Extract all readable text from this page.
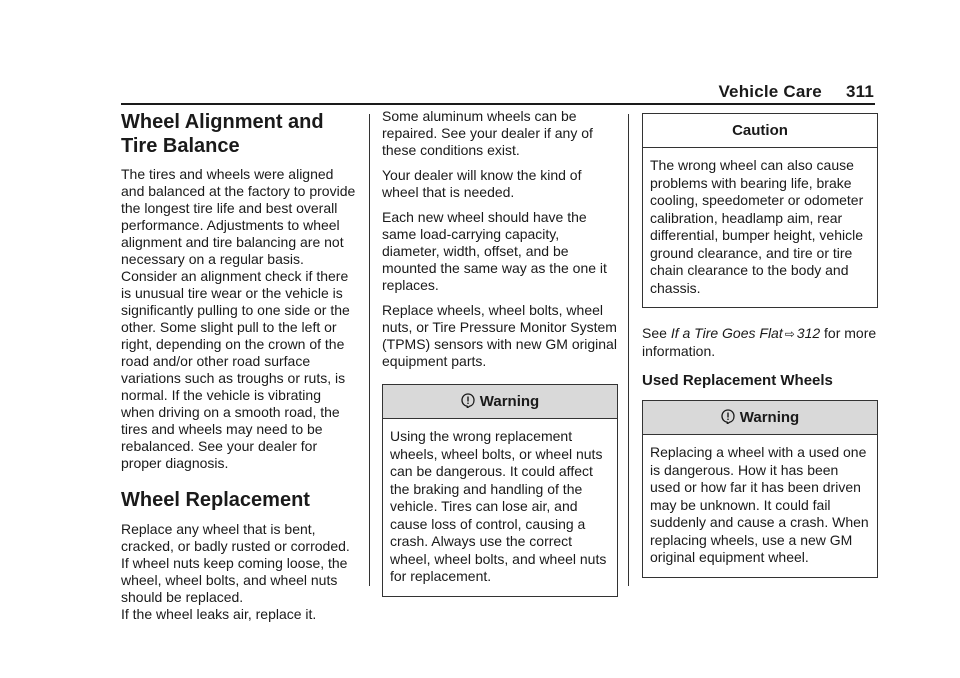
Vehicle Care 311
Wheel Alignment and Tire Balance

The tires and wheels were aligned and balanced at the factory to provide the longest tire life and best overall performance. Adjustments to wheel alignment and tire balancing are not necessary on a regular basis. Consider an alignment check if there is unusual tire wear or the vehicle is significantly pulling to one side or the other. Some slight pull to the left or right, depending on the crown of the road and/or other road surface variations such as troughs or ruts, is normal. If the vehicle is vibrating when driving on a smooth road, the tires and wheels may need to be rebalanced. See your dealer for proper diagnosis.

Wheel Replacement

Replace any wheel that is bent, cracked, or badly rusted or corroded. If wheel nuts keep coming loose, the wheel, wheel bolts, and wheel nuts should be replaced.

If the wheel leaks air, replace it.

Some aluminum wheels can be repaired. See your dealer if any of these conditions exist.

Your dealer will know the kind of wheel that is needed.

Each new wheel should have the same load-carrying capacity, diameter, width, offset, and be mounted the same way as the one it replaces.

Replace wheels, wheel bolts, wheel nuts, or Tire Pressure Monitor System (TPMS) sensors with new GM original equipment parts.

Warning
Using the wrong replacement wheels, wheel bolts, or wheel nuts can be dangerous. It could affect the braking and handling of the vehicle. Tires can lose air, and cause loss of control, causing a crash. Always use the correct wheel, wheel bolts, and wheel nuts for replacement.
Caution
The wrong wheel can also cause problems with bearing life, brake cooling, speedometer or odometer calibration, headlamp aim, rear differential, bumper height, vehicle ground clearance, and tire or tire chain clearance to the body and chassis.

See If a Tire Goes Flat ⇨ 312 for more information.

Used Replacement Wheels
Warning
Replacing a wheel with a used one is dangerous. How it has been used or how far it has been driven may be unknown. It could fail suddenly and cause a crash. When replacing wheels, use a new GM original equipment wheel.
